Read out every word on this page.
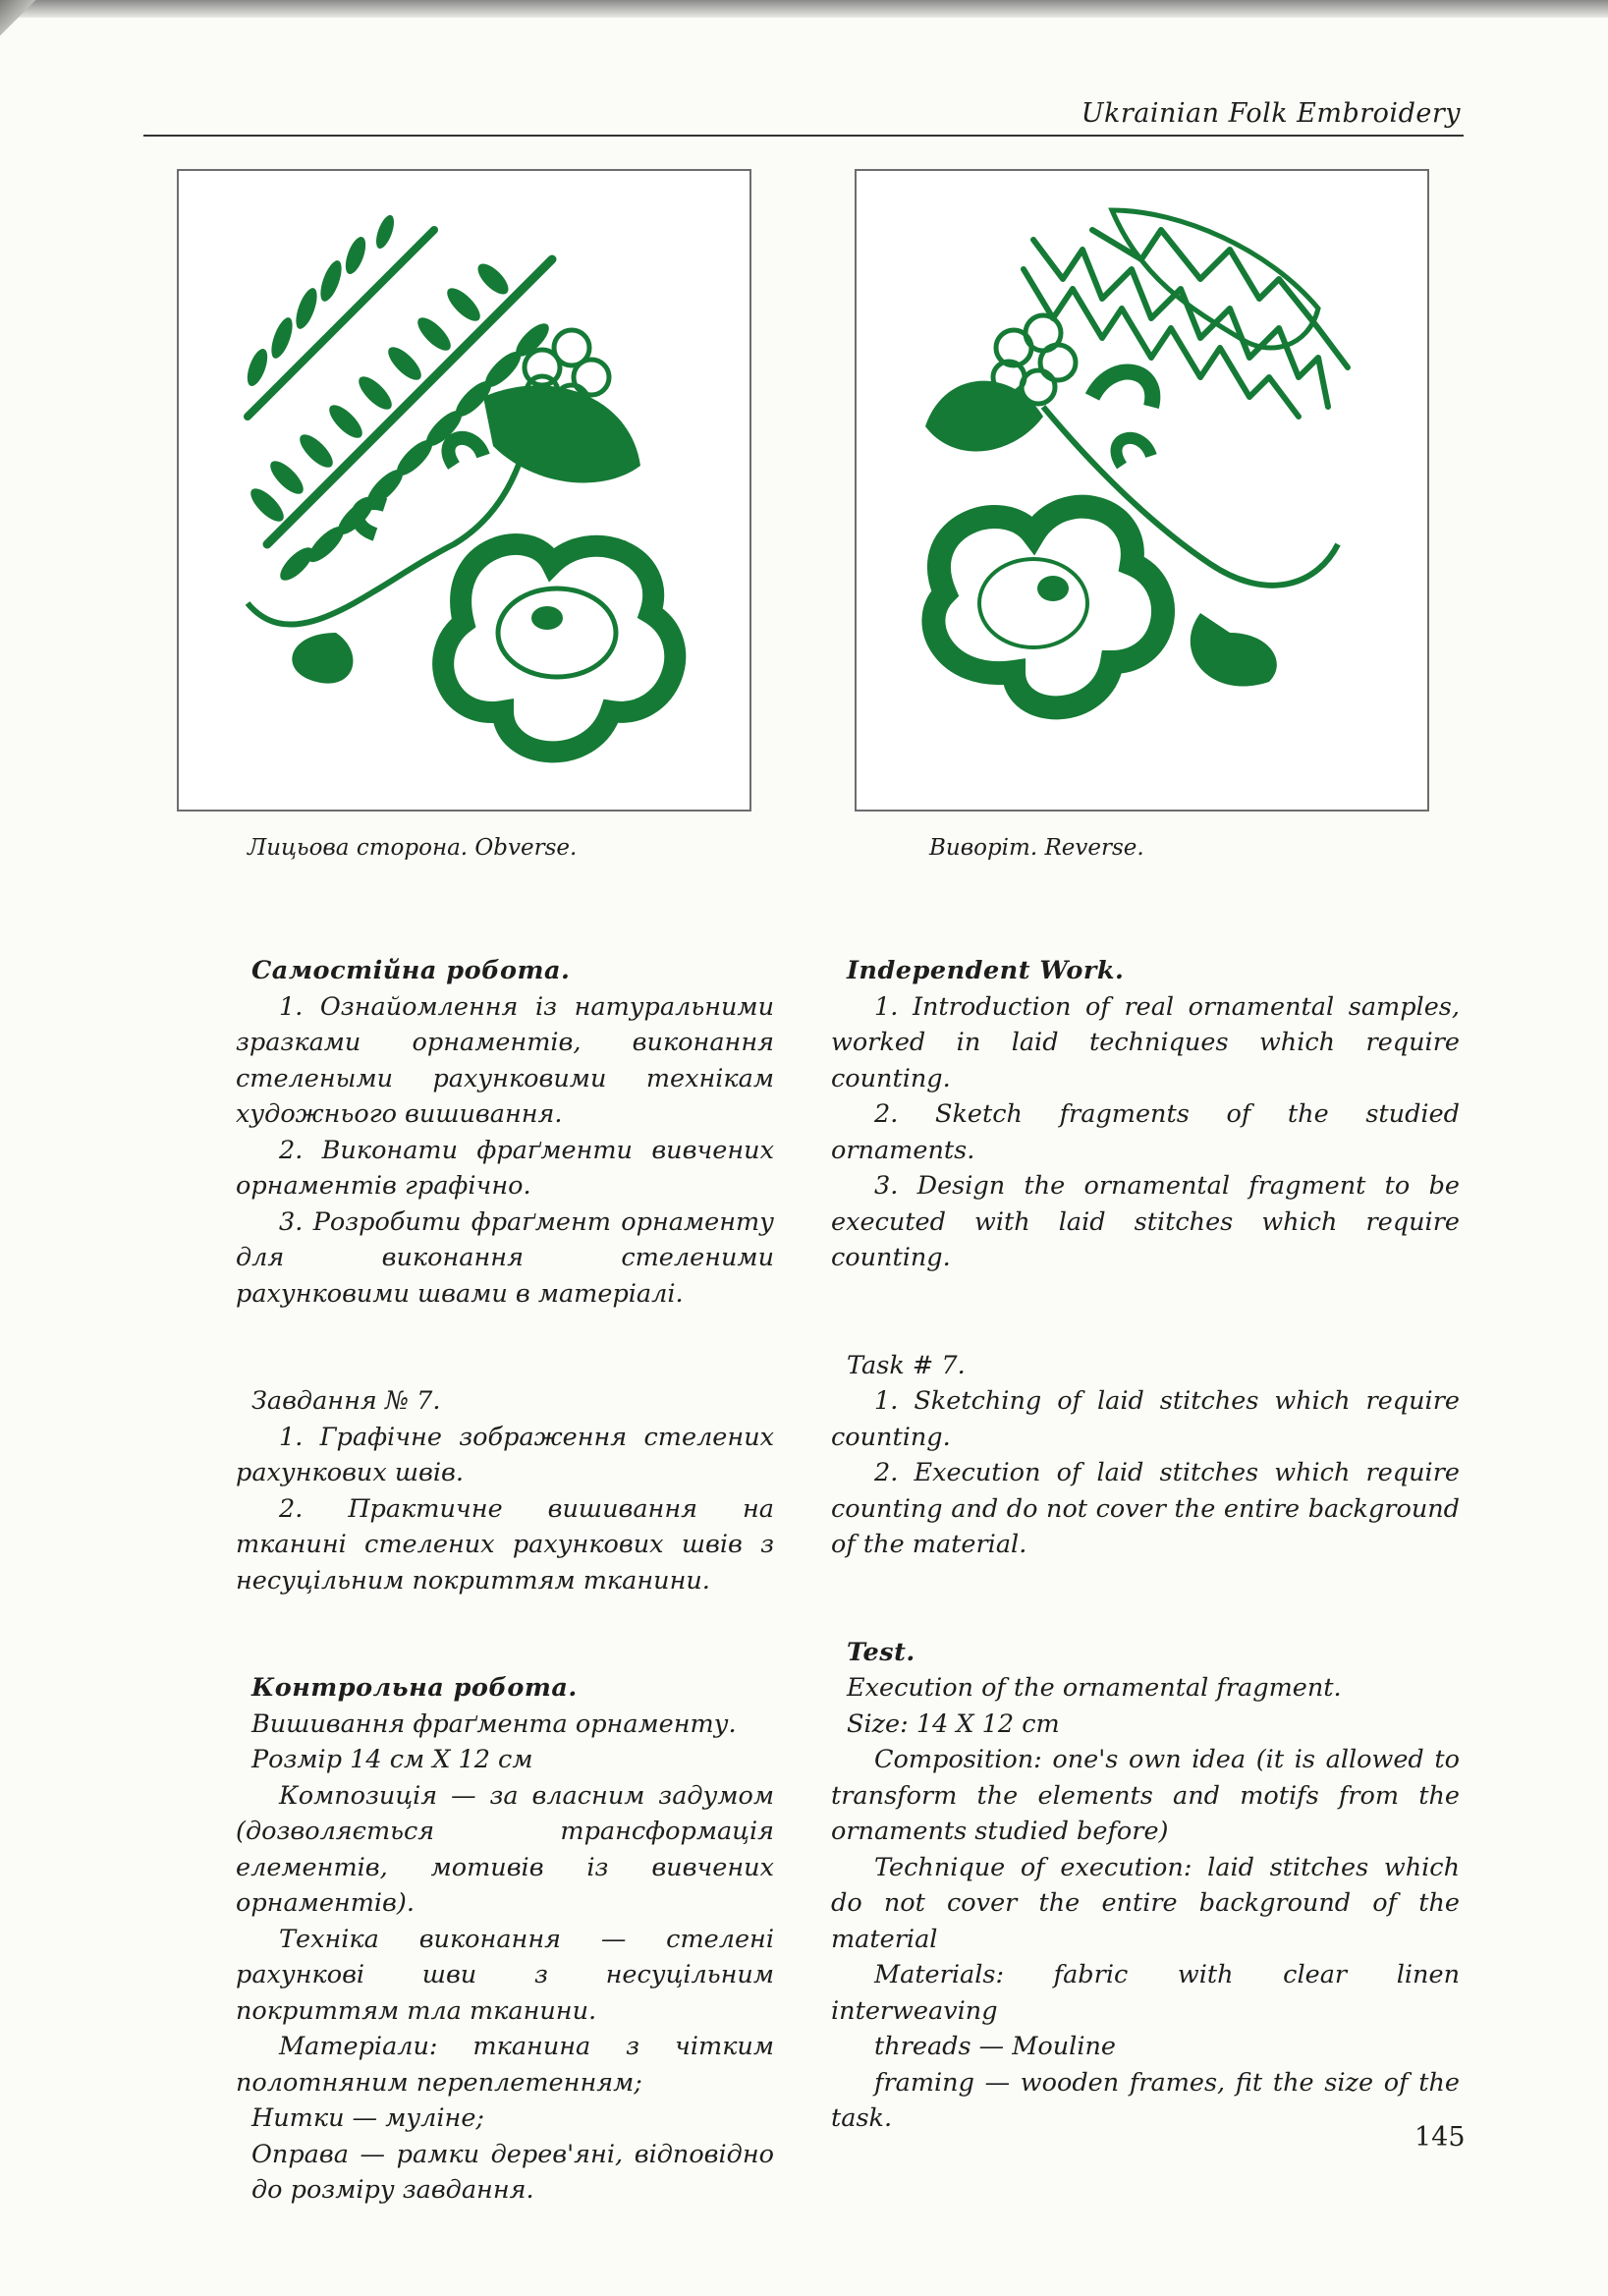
Ukrainian Folk Embroidery
Лицьова сторона. Obverse.	Виворіт. Reverse.

Самостійна робота.

1. Ознайомлення із натуральними зразками орнаментів, виконання стелеными рахунковими технікам художнього вишивання.

2. Виконати фраґменти вивчених орнаментів графічно.

3. Розробити фраґмент орнаменту для виконання стеленими рахунковими швами в матеріалі.

Завдання № 7.

1. Графічне зображення стелених рахункових швів.

2. Практичне вишивання на тканині стелених рахункових швів з несуцільним покриттям тканини.

Контрольна робота.

Вишивання фраґмента орнаменту.

Розмір 14 см Х 12 см

Композиція — за власним задумом (дозволяєтьcя трансформація елементів, мотивів із вивчених орнаментів).

Техніка виконання — стелені рахункові шви з несуцільним покриттям тла тканини.

Матеріали: тканина з чітким полотняним переплетенням;

Нитки — муліне;

Оправа — рамки дерев'яні, відповідно до розміру завдання.

Independent Work.

1. Introduction of real ornamental samples, worked in laid techniques which require counting.

2. Sketch fragments of the studied ornaments.

3. Design the ornamental fragment to be executed with laid stitches which require counting.

Task # 7.

1. Sketching of laid stitches which require counting.

2. Execution of laid stitches which require counting and do not cover the entire background of the material.

Test.

Execution of the ornamental fragment.

Size: 14 X 12 cm

Composition: one's own idea (it is allowed to transform the elements and motifs from the ornaments studied before)

Technique of execution: laid stitches which do not cover the entire background of the material

Materials: fabric with clear linen interweaving

threads — Mouline

framing — wooden frames, fit the size of the task.

145
